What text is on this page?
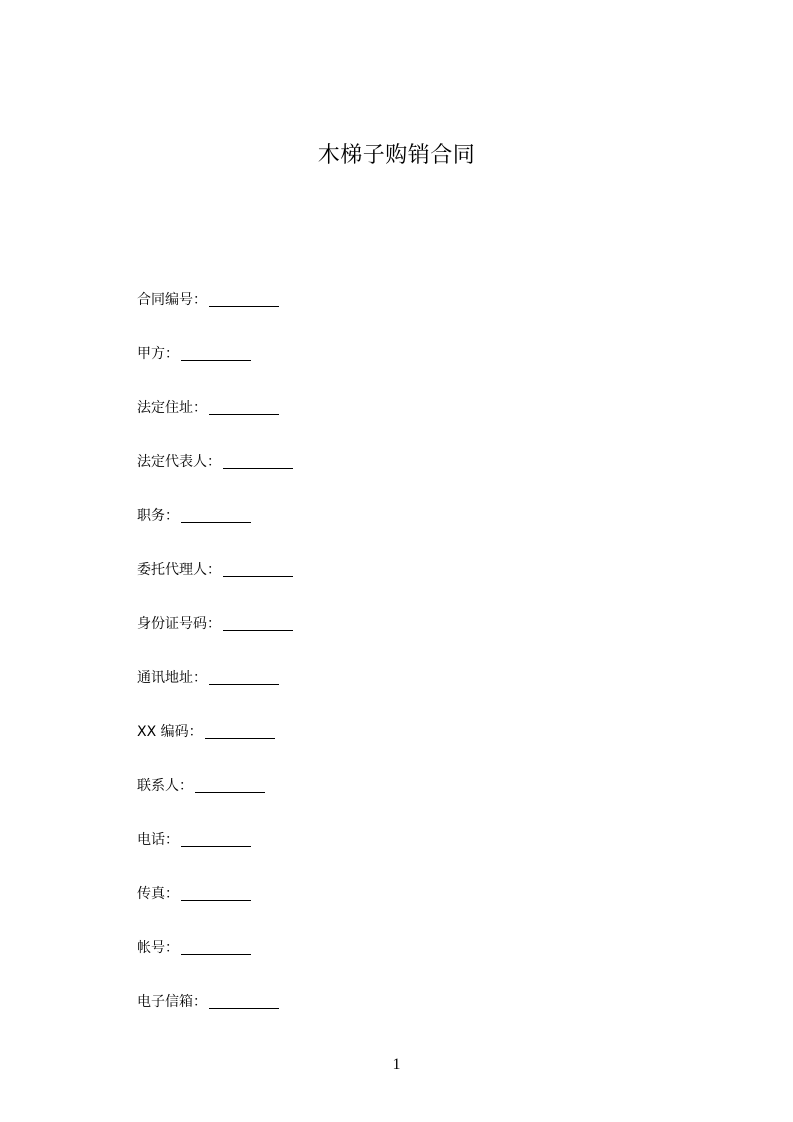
木梯子购销合同
合同编号：
甲方：
法定住址：
法定代表人：
职务：
委托代理人：
身份证号码：
通讯地址：
XX 编码：
联系人：
电话：
传真：
帐号：
电子信箱：
1
